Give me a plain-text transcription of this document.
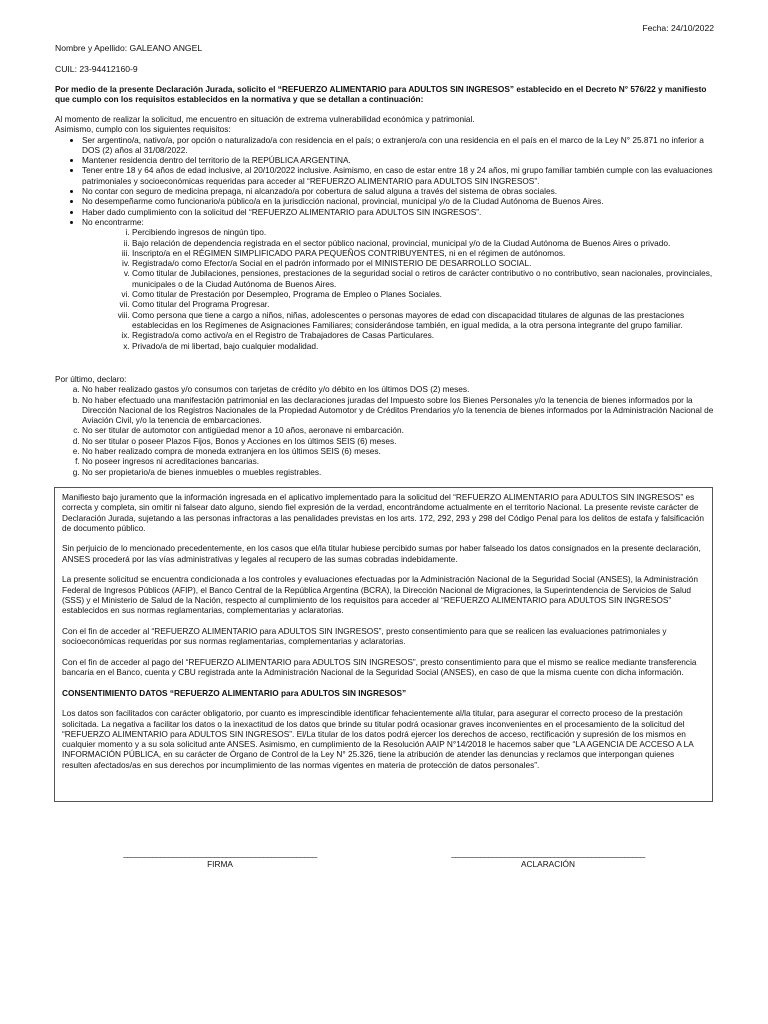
Fecha: 24/10/2022
Nombre y Apellido: GALEANO ANGEL
CUIL: 23-94412160-9
Por medio de la presente Declaración Jurada, solicito el “REFUERZO ALIMENTARIO para ADULTOS SIN INGRESOS” establecido en el Decreto N° 576/22 y manifiesto que cumplo con los requisitos establecidos en la normativa y que se detallan a continuación:

Al momento de realizar la solicitud, me encuentro en situación de extrema vulnerabilidad económica y patrimonial.

Asimismo, cumplo con los siguientes requisitos:

• Ser argentino/a, nativo/a, por opción o naturalizado/a con residencia en el país; o extranjero/a con una residencia en el país en el marco de la Ley N° 25.871 no inferior a DOS (2) años al 31/08/2022.
• Mantener residencia dentro del territorio de la REPÚBLICA ARGENTINA.
• Tener entre 18 y 64 años de edad inclusive, al 20/10/2022 inclusive. Asimismo, en caso de estar entre 18 y 24 años, mi grupo familiar también cumple con las evaluaciones patrimoniales y socioeconómicas requeridas para acceder al “REFUERZO ALIMENTARIO para ADULTOS SIN INGRESOS”.
• No contar con seguro de medicina prepaga, ni alcanzado/a por cobertura de salud alguna a través del sistema de obras sociales.
• No desempeñarme como funcionario/a público/a en la jurisdicción nacional, provincial, municipal y/o de la Ciudad Autónoma de Buenos Aires.
• Haber dado cumplimiento con la solicitud del “REFUERZO ALIMENTARIO para ADULTOS SIN INGRESOS”.
• No encontrarme:
i. Percibiendo ingresos de ningún tipo.
ii. Bajo relación de dependencia registrada en el sector público nacional, provincial, municipal y/o de la Ciudad Autónoma de Buenos Aires o privado.
iii. Inscripto/a en el RÉGIMEN SIMPLIFICADO PARA PEQUEÑOS CONTRIBUYENTES, ni en el régimen de autónomos.
iv. Registrada/o como Efector/a Social en el padrón informado por el MINISTERIO DE DESARROLLO SOCIAL.
v. Como titular de Jubilaciones, pensiones, prestaciones de la seguridad social o retiros de carácter contributivo o no contributivo, sean nacionales, provinciales, municipales o de la Ciudad Autónoma de Buenos Aires.
vi. Como titular de Prestación por Desempleo, Programa de Empleo o Planes Sociales.
vii. Como titular del Programa Progresar.
viii. Como persona que tiene a cargo a niños, niñas, adolescentes o personas mayores de edad con discapacidad titulares de algunas de las prestaciones establecidas en los Regímenes de Asignaciones Familiares; considerándose también, en igual medida, a la otra persona integrante del grupo familiar.
ix. Registrado/a como activo/a en el Registro de Trabajadores de Casas Particulares.
x. Privado/a de mi libertad, bajo cualquier modalidad.

Por último, declaro:

a. No haber realizado gastos y/o consumos con tarjetas de crédito y/o débito en los últimos DOS (2) meses.
b. No haber efectuado una manifestación patrimonial en las declaraciones juradas del Impuesto sobre los Bienes Personales y/o la tenencia de bienes informados por la Dirección Nacional de los Registros Nacionales de la Propiedad Automotor y de Créditos Prendarios y/o la tenencia de bienes informados por la Administración Nacional de Aviación Civil, y/o la tenencia de embarcaciones.
c. No ser titular de automotor con antigüedad menor a 10 años, aeronave ni embarcación.
d. No ser titular o poseer Plazos Fijos, Bonos y Acciones en los últimos SEIS (6) meses.
e. No haber realizado compra de moneda extranjera en los últimos SEIS (6) meses.
f. No poseer ingresos ni acreditaciones bancarias.
g. No ser propietario/a de bienes inmuebles o muebles registrables.

Manifiesto bajo juramento que la información ingresada en el aplicativo implementado para la solicitud del “REFUERZO ALIMENTARIO para ADULTOS SIN INGRESOS” es correcta y completa, sin omitir ni falsear dato alguno, siendo fiel expresión de la verdad, encontrándome actualmente en el territorio Nacional. La presente reviste carácter de Declaración Jurada, sujetando a las personas infractoras a las penalidades previstas en los arts. 172, 292, 293 y 298 del Código Penal para los delitos de estafa y falsificación de documento público.

Sin perjuicio de lo mencionado precedentemente, en los casos que el/la titular hubiese percibido sumas por haber falseado los datos consignados en la presente declaración, ANSES procederá por las vías administrativas y legales al recupero de las sumas cobradas indebidamente.

La presente solicitud se encuentra condicionada a los controles y evaluaciones efectuadas por la Administración Nacional de la Seguridad Social (ANSES), la Administración Federal de Ingresos Públicos (AFIP), el Banco Central de la República Argentina (BCRA), la Dirección Nacional de Migraciones, la Superintendencia de Servicios de Salud (SSS) y el Ministerio de Salud de la Nación, respecto al cumplimiento de los requisitos para acceder al “REFUERZO ALIMENTARIO para ADULTOS SIN INGRESOS” establecidos en sus normas reglamentarias, complementarias y aclaratorias.

Con el fin de acceder al “REFUERZO ALIMENTARIO para ADULTOS SIN INGRESOS”, presto consentimiento para que se realicen las evaluaciones patrimoniales y socioeconómicas requeridas por sus normas reglamentarias, complementarias y aclaratorias.

Con el fin de acceder al pago del “REFUERZO ALIMENTARIO para ADULTOS SIN INGRESOS”, presto consentimiento para que el mismo se realice mediante transferencia bancaria en el Banco, cuenta y CBU registrada ante la Administración Nacional de la Seguridad Social (ANSES), en caso de que la misma cuente con dicha información.

CONSENTIMIENTO DATOS “REFUERZO ALIMENTARIO para ADULTOS SIN INGRESOS”

Los datos son facilitados con carácter obligatorio, por cuanto es imprescindible identificar fehacientemente al/la titular, para asegurar el correcto proceso de la prestación solicitada. La negativa a facilitar los datos o la inexactitud de los datos que brinde su titular podrá ocasionar graves inconvenientes en el procesamiento de la solicitud del “REFUERZO ALIMENTARIO para ADULTOS SIN INGRESOS”. El/La titular de los datos podrá ejercer los derechos de acceso, rectificación y supresión de los mismos en cualquier momento y a su sola solicitud ante ANSES. Asimismo, en cumplimiento de la Resolución AAIP N°14/2018 le hacemos saber que “LA AGENCIA DE ACCESO A LA INFORMACIÓN PÚBLICA, en su carácter de Órgano de Control de la Ley N° 25.326, tiene la atribución de atender las denuncias y reclamos que interpongan quienes resulten afectados/as en sus derechos por incumplimiento de las normas vigentes en materia de protección de datos personales”.

_______________________________________________
FIRMA
_______________________________________________
ACLARACIÓN
